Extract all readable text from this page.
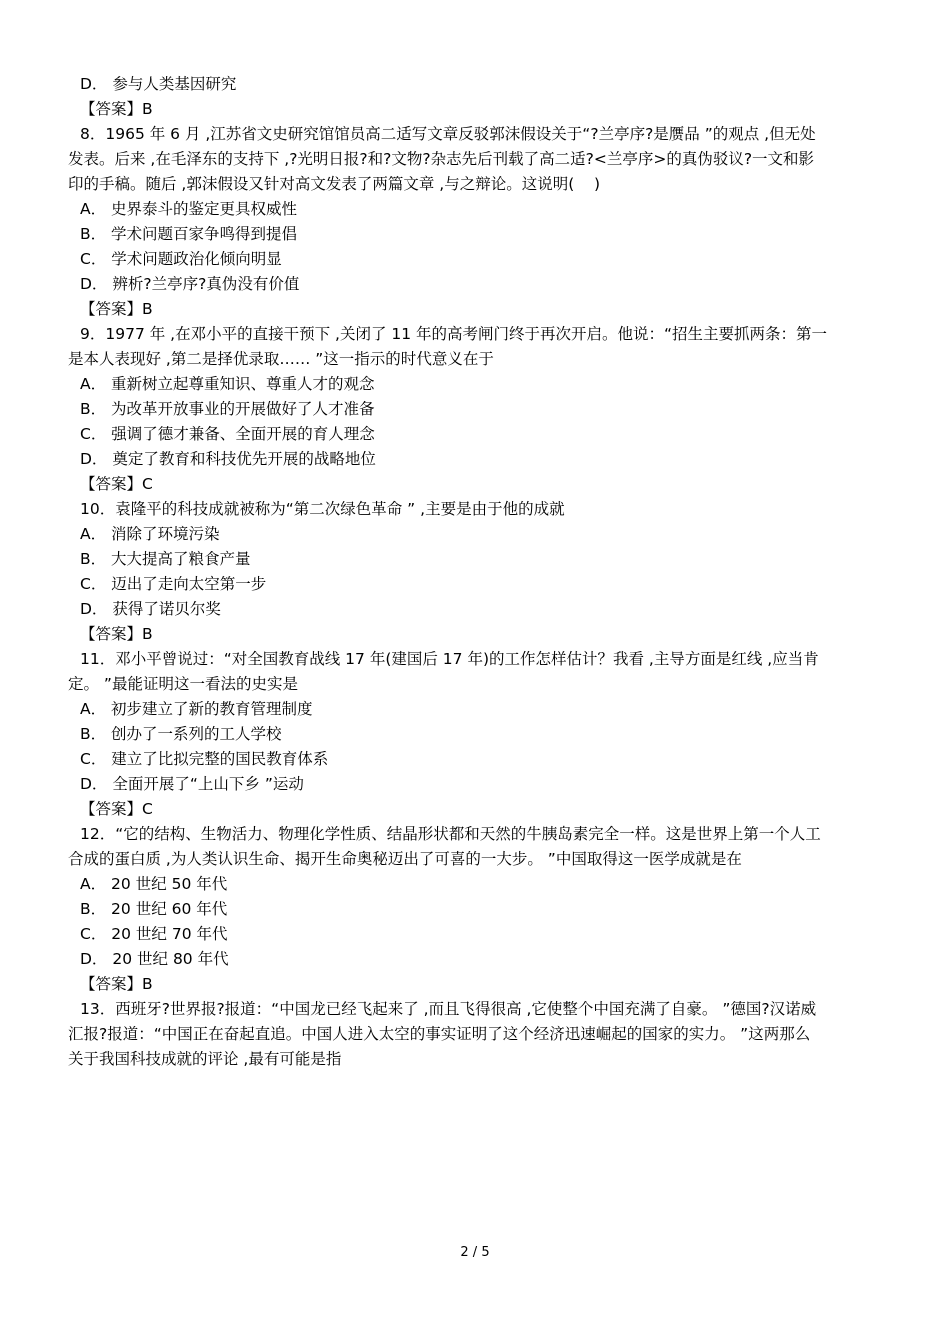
D． 参与人类基因研究
【答案】B
8．1965 年 6 月 ,江苏省文史研究馆馆员高二适写文章反驳郭沫假设关于“?兰亭序?是赝品 ”的观点 ,但无处
发表。后来 ,在毛泽东的支持下 ,?光明日报?和?文物?杂志先后刊载了高二适?<兰亭序>的真伪驳议?一文和影
印的手稿。随后 ,郭沫假设又针对高文发表了两篇文章 ,与之辩论。这说明(    )
A． 史界泰斗的鉴定更具权威性
B． 学术问题百家争鸣得到提倡
C． 学术问题政治化倾向明显
D． 辨析?兰亭序?真伪没有价值
【答案】B
9．1977 年 ,在邓小平的直接干预下 ,关闭了 11 年的高考闸门终于再次开启。他说：“招生主要抓两条：第一
是本人表现好 ,第二是择优录取…… ”这一指示的时代意义在于
A． 重新树立起尊重知识、尊重人才的观念
B． 为改革开放事业的开展做好了人才准备
C． 强调了德才兼备、全面开展的育人理念
D． 奠定了教育和科技优先开展的战略地位
【答案】C
10．袁隆平的科技成就被称为“第二次绿色革命 ” ,主要是由于他的成就
A． 消除了环境污染
B． 大大提高了粮食产量
C． 迈出了走向太空第一步
D． 获得了诺贝尔奖
【答案】B
11．邓小平曾说过：“对全国教育战线 17 年(建国后 17 年)的工作怎样估计？我看 ,主导方面是红线 ,应当肯
定。 ”最能证明这一看法的史实是
A． 初步建立了新的教育管理制度
B． 创办了一系列的工人学校
C． 建立了比拟完整的国民教育体系
D． 全面开展了“上山下乡 ”运动
【答案】C
12．“它的结构、生物活力、物理化学性质、结晶形状都和天然的牛胰岛素完全一样。这是世界上第一个人工
合成的蛋白质 ,为人类认识生命、揭开生命奥秘迈出了可喜的一大步。 ”中国取得这一医学成就是在
A． 20 世纪 50 年代
B． 20 世纪 60 年代
C． 20 世纪 70 年代
D． 20 世纪 80 年代
【答案】B
13．西班牙?世界报?报道：“中国龙已经飞起来了 ,而且飞得很高 ,它使整个中国充满了自豪。 ”德国?汉诺威
汇报?报道：“中国正在奋起直追。中国人进入太空的事实证明了这个经济迅速崛起的国家的实力。 ”这两那么
关于我国科技成就的评论 ,最有可能是指
2 / 5
